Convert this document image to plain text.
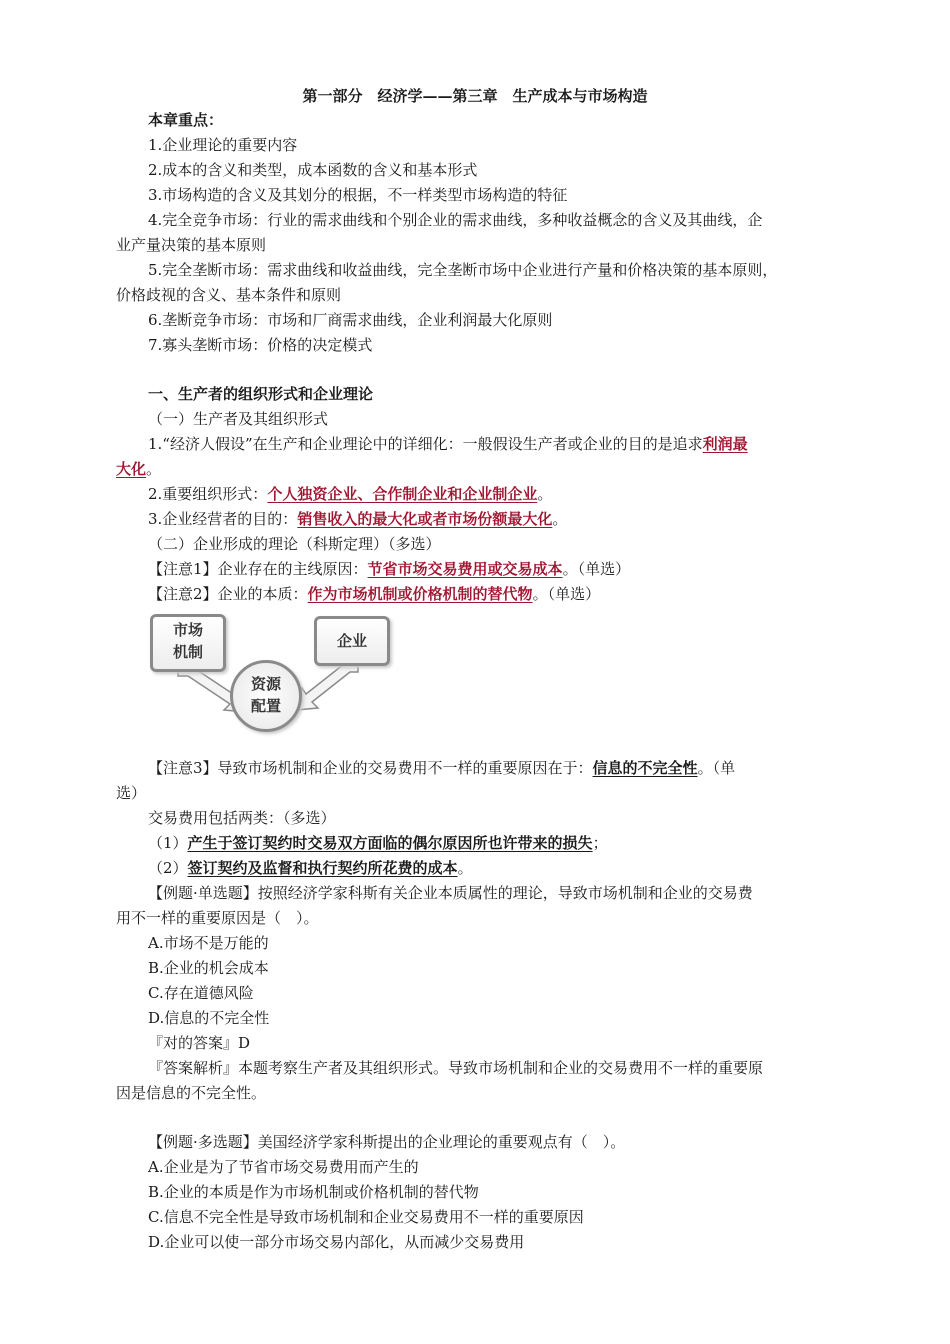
第一部分　经济学——第三章　生产成本与市场构造
本章重点：
1.企业理论的重要内容
2.成本的含义和类型，成本函数的含义和基本形式
3.市场构造的含义及其划分的根据，不一样类型市场构造的特征
4.完全竞争市场：行业的需求曲线和个别企业的需求曲线，多种收益概念的含义及其曲线，企
业产量决策的基本原则
5.完全垄断市场：需求曲线和收益曲线，完全垄断市场中企业进行产量和价格决策的基本原则，
价格歧视的含义、基本条件和原则
6.垄断竞争市场：市场和厂商需求曲线，企业利润最大化原则
7.寡头垄断市场：价格的决定模式
一、生产者的组织形式和企业理论
（一）生产者及其组织形式
1.“经济人假设”在生产和企业理论中的详细化：一般假设生产者或企业的目的是追求利润最
大化。
2.重要组织形式：个人独资企业、合作制企业和企业制企业。
3.企业经营者的目的：销售收入的最大化或者市场份额最大化。
（二）企业形成的理论（科斯定理）（多选）
【注意1】企业存在的主线原因：节省市场交易费用或交易成本。（单选）
【注意2】企业的本质：作为市场机制或价格机制的替代物。（单选）
市场
机制
企业
资源
配置
【注意3】导致市场机制和企业的交易费用不一样的重要原因在于：信息的不完全性。（单
选）
交易费用包括两类：（多选）
（1）产生于签订契约时交易双方面临的偶尔原因所也许带来的损失；
（2）签订契约及监督和执行契约所花费的成本。
【例题·单选题】按照经济学家科斯有关企业本质属性的理论，导致市场机制和企业的交易费
用不一样的重要原因是（　）。
A.市场不是万能的
B.企业的机会成本
C.存在道德风险
D.信息的不完全性
『对的答案』D
『答案解析』本题考察生产者及其组织形式。导致市场机制和企业的交易费用不一样的重要原
因是信息的不完全性。
【例题·多选题】美国经济学家科斯提出的企业理论的重要观点有（　）。
A.企业是为了节省市场交易费用而产生的
B.企业的本质是作为市场机制或价格机制的替代物
C.信息不完全性是导致市场机制和企业交易费用不一样的重要原因
D.企业可以使一部分市场交易内部化，从而减少交易费用
